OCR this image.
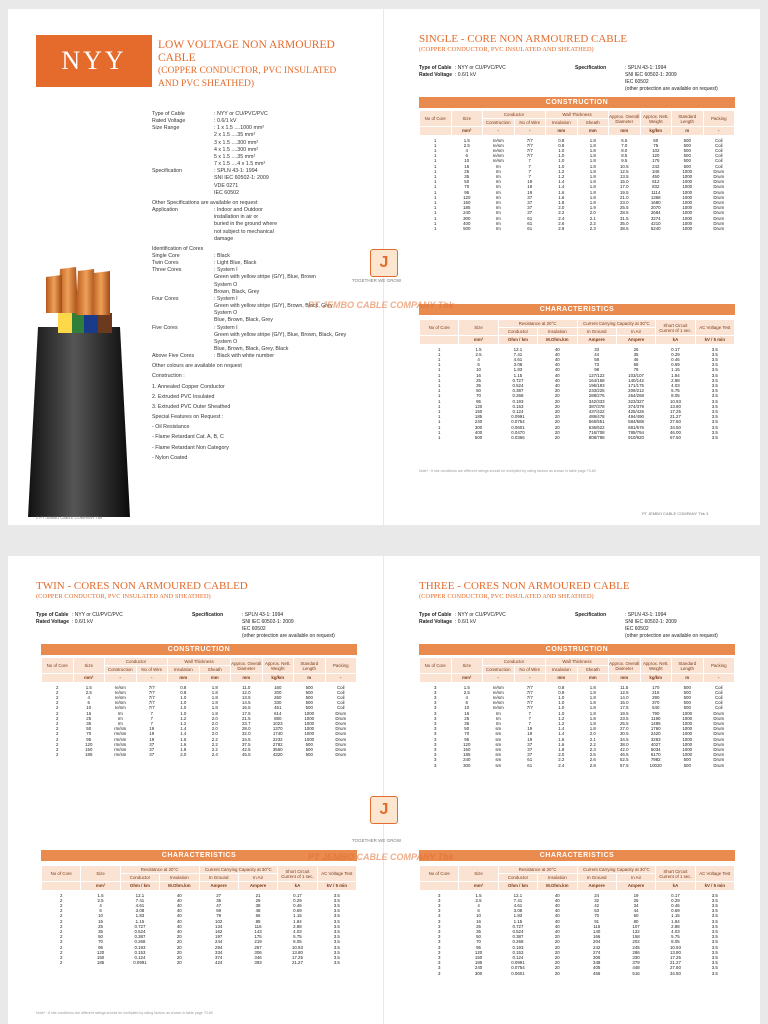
NYY
LOW VOLTAGE NON ARMOURED CABLE
(COPPER CONDUCTOR, PVC INSULATED AND PVC SHEATHED)
Type of Cable	: NYY or CU/PVC/PVC
Rated Voltage	: 0.6/1 kV
Size Range	: 1 x 1.5 ....1000 mm²
2 x 1.5 ....35 mm²
3 x 1.5 ....300 mm²
4 x 1.5 ....300 mm²
5 x 1.5 ....35 mm²
7 x 1.5 ....4 x 1.5 mm²
Specification	: SPLN 43-1: 1994
SNI IEC 60502-1: 2009
VDE 0271
IEC 60502
Other Specifications are available on request
Application	: Indoor and Outdoor
installation in air or
buried in the ground where
not subject to mechanical
damage
Identification of Cores
Single Core	: Black
Twin Cores	: Light Blue, Black
Three Cores	: System I
Green with yellow stripe (G/Y), Blue, Brown
System O
Brown, Black, Grey
Four Cores	: System I
Green with yellow stripe (G/Y), Brown, Black, Grey
System O
Blue, Brown, Black, Grey
Five Cores	: System I
Green with yellow stripe (G/Y), Blue, Brown, Black, Grey
System O
Blue, Brown, Black, Grey, Black
Above Five Cores	: Black with white number
Other colours are available on request
Construction :
1. Annealed Copper Conductor
2. Extruded PVC Insulated
3. Extruded PVC Outer Sheathed
Special Features on Request :
- Oil Resistance
- Flame Retardant Cat. A, B, C
- Flame Retardant Non Category
- Nylon Coated
2 PT JEMBO CABLE COMPANY Tbk
SINGLE - CORE NON ARMOURED CABLE
(COPPER CONDUCTOR, PVC INSULATED AND SHEATHED)
Type of Cable : NYY or CU/PVC/PVC	Specification	: SPLN 43-1: 1994
Rated Voltage : 0.6/1 kV	SNI IEC 60502-1: 2009
IEC 60502
(other protection are available on request)
CONSTRUCTION
No of Core	Size	Conductor		Wall Thickness		Approx. Overall Diameter	Approx. Nett. Weight	Standard Length	Packing
		Construction	No of Wire	Insulation	Sheath				
	mm²	-	-	mm	mm	mm	kg/km	m	-
1	1.5	re/sm	7/7	0.8	1.8	6.5	60	500	Coil
1	2.5	re/sm	7/7	0.8	1.8	7.0	75	500	Coil
1	4	re/sm	7/7	1.0	1.8	8.0	102	500	Coil
1	6	re/sm	7/7	1.0	1.8	8.5	120	500	Coil
1	10	re/sm	7	1.0	1.8	9.5	175	500	Coil
1	16	rm	7	1.0	1.8	10.5	242	500	Coil
1	25	rm	7	1.2	1.8	12.5	345	1000	Drum
1	35	rm	7	1.2	1.8	13.5	450	1000	Drum
1	50	rm	19	1.4	1.8	15.0	612	1000	Drum
1	70	rm	19	1.4	1.8	17.0	832	1000	Drum
1	95	rm	19	1.6	1.8	19.5	1114	1000	Drum
1	120	rm	37	1.6	1.8	21.0	1368	1000	Drum
1	150	rm	37	1.8	1.8	23.0	1680	1000	Drum
1	185	rm	37	2.0	1.9	25.5	2070	1000	Drum
1	240	rm	37	2.2	2.0	28.5	2684	1000	Drum
1	300	rm	61	2.4	2.1	31.5	3274	1000	Drum
1	400	rm	61	2.6	2.2	35.0	4210	1000	Drum
1	500	rm	61	2.8	2.3	38.5	5240	1000	Drum
J
CHARACTERISTICS
No of Core	Size	Resistance at 20°C		Current Carrying Capacity at 30°C		Short Circuit Current of 1 sec.	AC Voltage Test
		Conductor	Insulation	In Ground	In Air		
	mm²	Ohm / km	M.Ohm.km	Ampere	Ampere	kA	kV / 5 min
1	1.5	12.1	40	33	26	0.17	3.5
1	2.5	7.41	40	44	35	0.29	3.5
1	4	4.61	40	58	46	0.46	3.5
1	6	3.08	40	73	58	0.69	3.5
1	10	1.83	40	98	79	1.15	3.5
1	16	1.15	40	127/122	103/107	1.84	3.5
1	25	0.727	40	164/158	140/142	2.88	3.5
1	35	0.524	40	196/193	171/175	4.03	3.5
1	50	0.387	20	233/225	209/212	5.75	3.5
1	70	0.268	20	288/276	264/268	8.05	3.5
1	95	0.193	20	342/333	323/327	10.93	3.5
1	120	0.153	20	387/378	374/379	13.80	3.5
1	150	0.124	20	437/422	425/426	17.25	3.5
1	185	0.0991	20	489/478	494/490	21.27	3.5
1	240	0.0754	20	565/551	584/588	27.60	3.5
1	300	0.0601	20	636/622	681/676	34.50	3.5
1	400	0.0470	20	716/708	789/794	46.00	3.5
1	500	0.0366	20	808/798	910/920	57.50	3.5
Note* : If site conditions are different ratings should be multiplied by rating factors as shown in table page 70-80
PT JEMBO CABLE COMPANY Tbk 3
TWIN - CORES NON ARMOURED CABLED
(COPPER CONDUCTOR, PVC INSULATED AND SHEATHED)
Type of Cable : NYY or CU/PVC/PVC	Specification	: SPLN 43-1: 1994
Rated Voltage : 0.6/1 kV	SNI IEC 60502-1: 2009
IEC 60502
(other protection are available on request)
CONSTRUCTION
No of Core	Size	Conductor		Wall Thickness		Approx. Overall Diameter	Approx. Nett. Weight	Standard Length	Packing
		Construction	No of Wire	Insulation	Sheath				
	mm²	-	-	mm	mm	mm	kg/km	m	-
2	1.5	re/sm	7/7	0.8	1.8	11.0	160	500	Coil
2	2.5	re/sm	7/7	0.8	1.8	12.0	200	500	Coil
2	4	re/sm	7/7	1.0	1.8	13.5	260	500	Coil
2	6	re/sm	7/7	1.0	1.8	14.5	330	500	Coil
2	10	re/sm	7/7	1.0	1.8	16.5	451	500	Coil
2	16	rm	7	1.0	1.8	17.5	614	1000	Drum
2	25	rm	7	1.2	2.0	21.5	880	1000	Drum
2	35	rm	7	1.2	2.0	23.7	1023	1000	Drum
2	50	rm/sm	19	1.4	2.0	28.0	1370	1000	Drum
2	70	rm/sm	19	1.4	2.0	32.0	1740	1000	Drum
2	95	rm/sm	19	1.6	2.2	34.5	2232	1000	Drum
2	120	rm/sm	37	1.6	2.2	37.5	2782	500	Drum
2	150	rm/sm	37	1.8	2.2	42.5	3560	500	Drum
2	185	rm/sm	37	2.0	2.4	45.5	4320	500	Drum
CHARACTERISTICS
No of Core	Size	Resistance at 20°C		Current Carrying Capacity at 30°C		Short Circuit Current of 1 sec.	AC Voltage Test
		Conductor	Insulation	In Ground	In Air		
	mm²	Ohm / km	M.Ohm.km	Ampere	Ampere	kA	kV / 5 min
2	1.5	12.1	40	27	21	0.17	3.5
2	2.5	7.41	40	35	29	0.29	3.5
2	4	4.61	40	47	38	0.46	3.5
2	6	3.08	40	59	48	0.69	3.5
2	10	1.83	40	79	66	1.15	3.5
2	16	1.15	40	102	88	1.84	3.5
2	25	0.727	40	134	116	2.88	3.5
2	35	0.524	40	162	143	4.03	3.5
2	50	0.387	20	197	175	5.75	3.5
2	70	0.268	20	244	219	8.05	3.5
2	95	0.193	20	294	267	10.93	3.5
2	120	0.153	20	334	306	13.80	3.5
2	150	0.124	20	374	346	17.25	3.5
2	185	0.0991	20	424	393	21.27	3.5
Note* : If site conditions are different ratings should be multiplied by rating factors as shown in table page 70-80
THREE - CORES NON ARMOURED CABLE
(COPPER CONDUCTOR, PVC INSULATED AND SHEATHED)
Type of Cable : NYY or CU/PVC/PVC	Specification	: SPLN 43-1: 1994
Rated Voltage : 0.6/1 kV	SNI IEC 60502-1: 2009
IEC 60502
(other protection are available on request)
CONSTRUCTION
No of Core	Size	Conductor		Wall Thickness		Approx. Overall Diameter	Approx. Nett. Weight	Standard Length	Packing
		Construction	No of Wire	Insulation	Sheath				
	mm²	-	-	mm	mm	mm	kg/km	m	-
3	1.5	re/sm	7/7	0.8	1.8	11.5	170	500	Coil
3	2.5	re/sm	7/7	0.8	1.8	12.5	215	500	Coil
3	4	re/sm	7/7	1.0	1.8	14.0	290	500	Coil
3	6	re/sm	7/7	1.0	1.8	15.0	370	500	Coil
3	10	re/sm	7/7	1.0	1.8	17.5	540	500	Coil
3	16	rm	7	1.0	1.8	19.5	790	1000	Drum
3	25	rm	7	1.2	1.8	23.5	1190	1000	Drum
3	35	rm	7	1.2	1.8	25.5	1485	1000	Drum
3	50	sm	19	1.4	1.8	27.0	1760	1000	Drum
3	70	sm	19	1.4	2.0	30.5	2420	1000	Drum
3	95	sm	19	1.6	2.1	34.5	3263	1000	Drum
3	120	sm	37	1.6	2.2	38.0	4027	1000	Drum
3	150	sm	37	1.8	2.3	42.0	5034	1000	Drum
3	185	sm	37	2.0	2.5	46.5	6170	1000	Drum
3	240	sm	61	2.2	2.6	52.5	7982	500	Drum
3	300	sm	61	2.4	2.8	57.5	10020	500	Drum
J
CHARACTERISTICS
No of Core	Size	Resistance at 20°C		Current Carrying Capacity at 30°C		Short Circuit Current of 1 sec.	AC Voltage Test
		Conductor	Insulation	In Ground	In Air		
	mm²	Ohm / km	M.Ohm.km	Ampere	Ampere	kA	kV / 5 min
3	1.5	12.1	40	24	19	0.17	3.5
3	2.5	7.41	40	32	26	0.29	3.5
3	4	4.61	40	42	34	0.46	3.5
3	6	3.08	40	53	44	0.69	3.5
3	10	1.83	40	70	60	1.15	3.5
3	16	1.15	40	91	80	1.84	3.5
3	25	0.727	40	116	107	2.88	3.5
3	35	0.524	40	140	132	4.03	3.5
3	50	0.387	20	166	158	5.75	3.5
3	70	0.268	20	204	202	8.05	3.5
3	95	0.193	20	242	245	10.93	3.5
3	120	0.153	20	274	286	13.80	3.5
3	150	0.124	20	306	330	17.25	3.5
3	185	0.0991	20	348	379	21.27	3.5
3	240	0.0754	20	405	448	27.60	3.5
3	300	0.0601	20	456	516	34.50	3.5
TOGETHER WE GROW
PT JEMBO CABLE COMPANY Tbk
TOGETHER WE GROW
PT JEMBO CABLE COMPANY Tbk
